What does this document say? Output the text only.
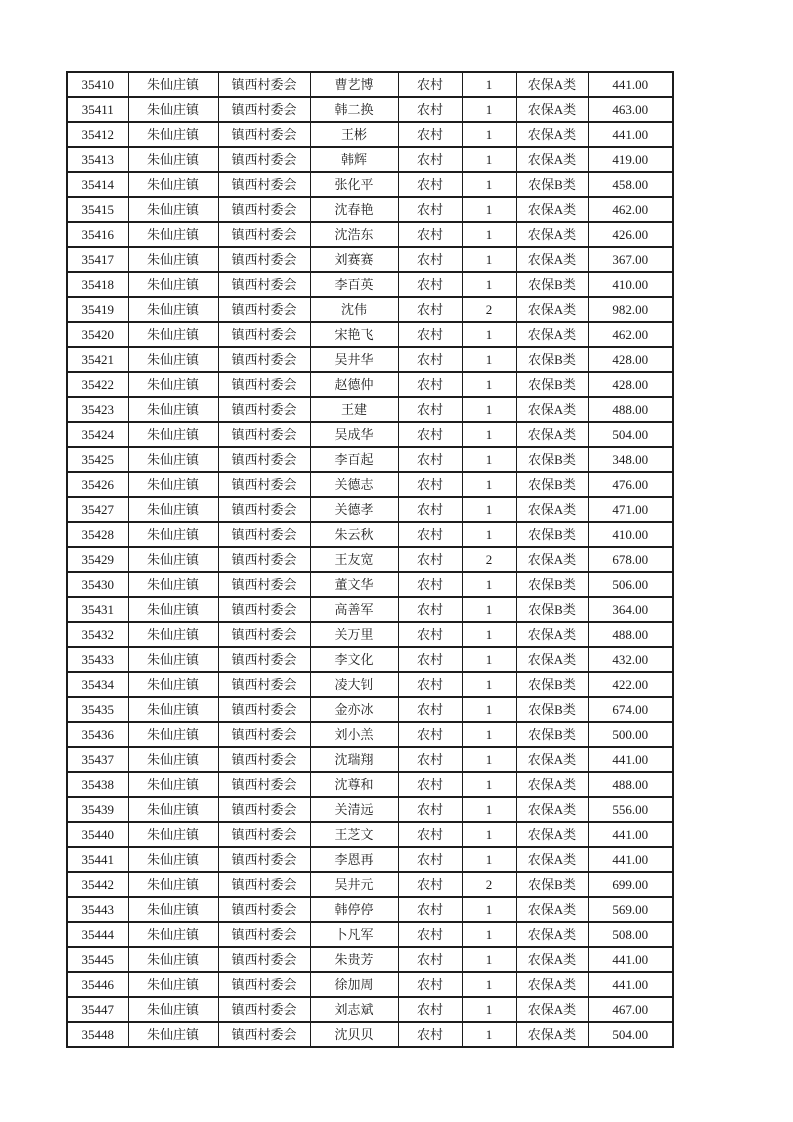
35410	朱仙庄镇	镇西村委会	曹艺博	农村	1	农保A类	441.00
35411	朱仙庄镇	镇西村委会	韩二换	农村	1	农保A类	463.00
35412	朱仙庄镇	镇西村委会	王彬	农村	1	农保A类	441.00
35413	朱仙庄镇	镇西村委会	韩辉	农村	1	农保A类	419.00
35414	朱仙庄镇	镇西村委会	张化平	农村	1	农保B类	458.00
35415	朱仙庄镇	镇西村委会	沈春艳	农村	1	农保A类	462.00
35416	朱仙庄镇	镇西村委会	沈浩东	农村	1	农保A类	426.00
35417	朱仙庄镇	镇西村委会	刘赛赛	农村	1	农保A类	367.00
35418	朱仙庄镇	镇西村委会	李百英	农村	1	农保B类	410.00
35419	朱仙庄镇	镇西村委会	沈伟	农村	2	农保A类	982.00
35420	朱仙庄镇	镇西村委会	宋艳飞	农村	1	农保A类	462.00
35421	朱仙庄镇	镇西村委会	吴井华	农村	1	农保B类	428.00
35422	朱仙庄镇	镇西村委会	赵德仲	农村	1	农保B类	428.00
35423	朱仙庄镇	镇西村委会	王建	农村	1	农保A类	488.00
35424	朱仙庄镇	镇西村委会	吴成华	农村	1	农保A类	504.00
35425	朱仙庄镇	镇西村委会	李百起	农村	1	农保B类	348.00
35426	朱仙庄镇	镇西村委会	关德志	农村	1	农保B类	476.00
35427	朱仙庄镇	镇西村委会	关德孝	农村	1	农保A类	471.00
35428	朱仙庄镇	镇西村委会	朱云秋	农村	1	农保B类	410.00
35429	朱仙庄镇	镇西村委会	王友宽	农村	2	农保A类	678.00
35430	朱仙庄镇	镇西村委会	董文华	农村	1	农保B类	506.00
35431	朱仙庄镇	镇西村委会	高善军	农村	1	农保B类	364.00
35432	朱仙庄镇	镇西村委会	关万里	农村	1	农保A类	488.00
35433	朱仙庄镇	镇西村委会	李文化	农村	1	农保A类	432.00
35434	朱仙庄镇	镇西村委会	凌大钊	农村	1	农保B类	422.00
35435	朱仙庄镇	镇西村委会	金亦冰	农村	1	农保B类	674.00
35436	朱仙庄镇	镇西村委会	刘小羔	农村	1	农保B类	500.00
35437	朱仙庄镇	镇西村委会	沈瑞翔	农村	1	农保A类	441.00
35438	朱仙庄镇	镇西村委会	沈尊和	农村	1	农保A类	488.00
35439	朱仙庄镇	镇西村委会	关清远	农村	1	农保A类	556.00
35440	朱仙庄镇	镇西村委会	王芝文	农村	1	农保A类	441.00
35441	朱仙庄镇	镇西村委会	李恩再	农村	1	农保A类	441.00
35442	朱仙庄镇	镇西村委会	吴井元	农村	2	农保B类	699.00
35443	朱仙庄镇	镇西村委会	韩停停	农村	1	农保A类	569.00
35444	朱仙庄镇	镇西村委会	卜凡军	农村	1	农保A类	508.00
35445	朱仙庄镇	镇西村委会	朱贵芳	农村	1	农保A类	441.00
35446	朱仙庄镇	镇西村委会	徐加周	农村	1	农保A类	441.00
35447	朱仙庄镇	镇西村委会	刘志斌	农村	1	农保A类	467.00
35448	朱仙庄镇	镇西村委会	沈贝贝	农村	1	农保A类	504.00
